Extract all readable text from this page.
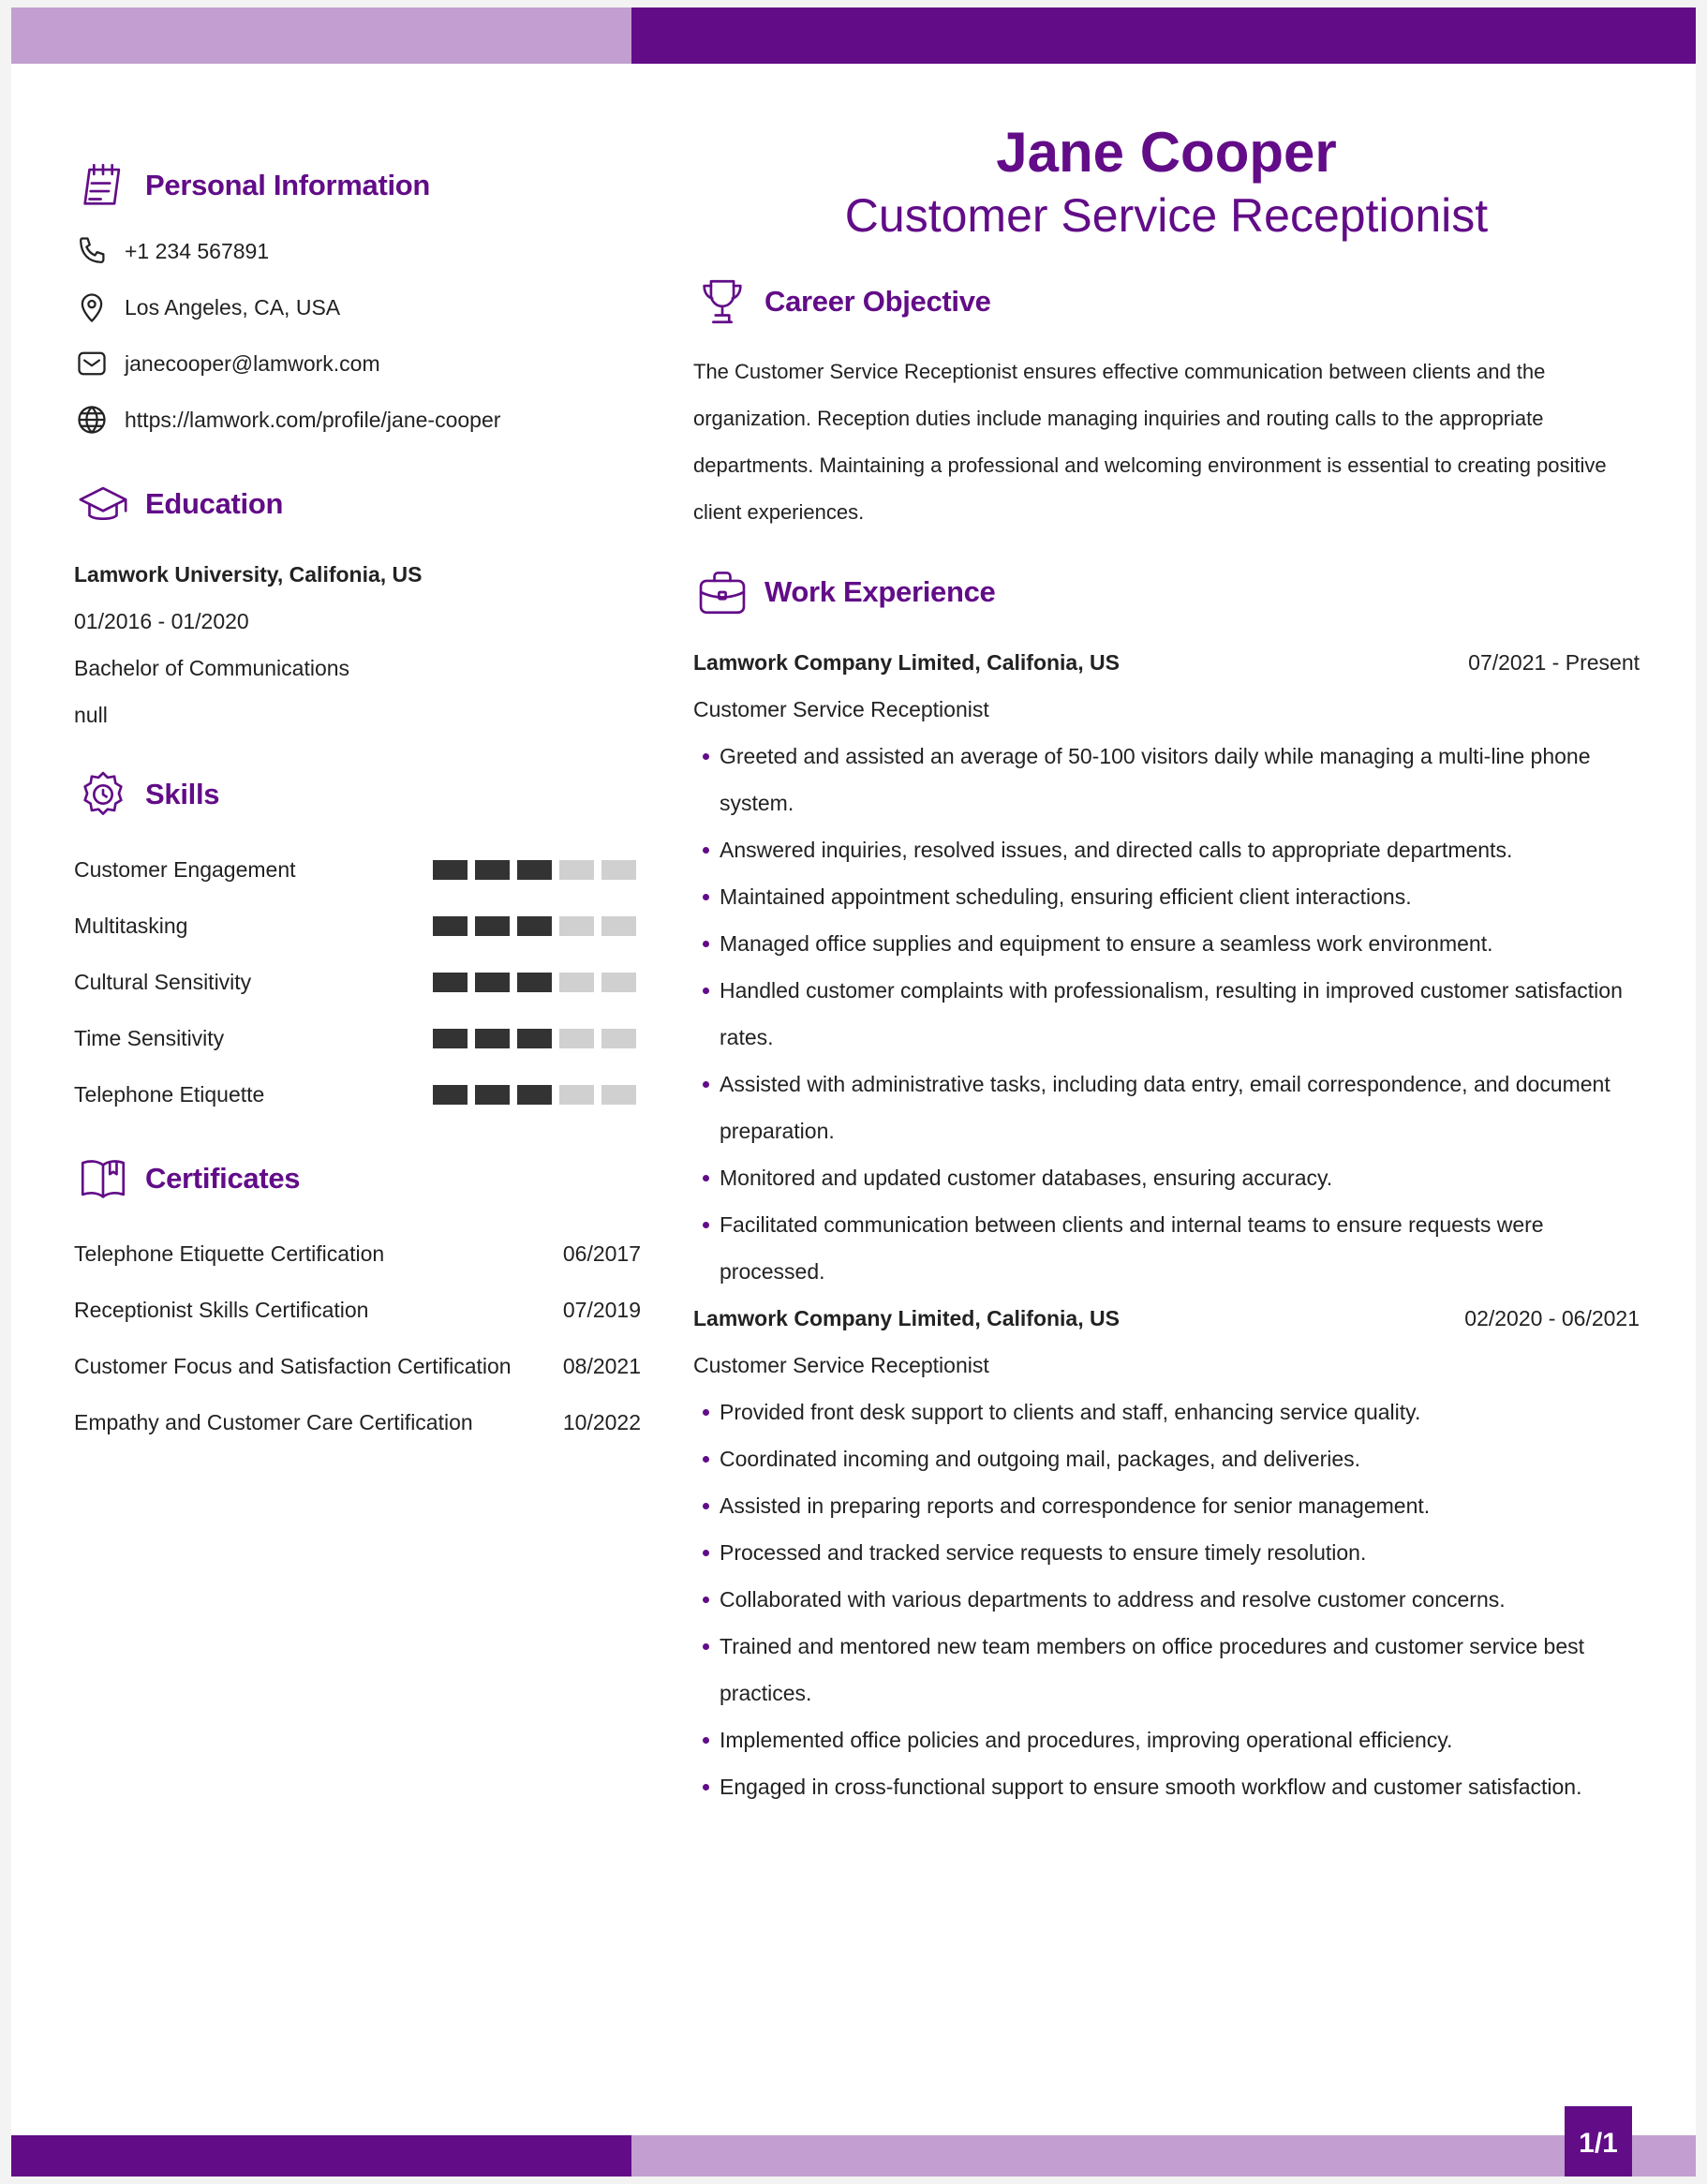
Personal Information
+1 234 567891
Los Angeles, CA, USA
janecooper@lamwork.com
https://lamwork.com/profile/jane-cooper
Education
Lamwork University, Califonia, US
01/2016 - 01/2020
Bachelor of Communications
null
Skills
Customer Engagement
Multitasking
Cultural Sensitivity
Time Sensitivity
Telephone Etiquette
Certificates
Telephone Etiquette Certification	06/2017
Receptionist Skills Certification	07/2019
Customer Focus and Satisfaction Certification 08/2021
Empathy and Customer Care Certification	10/2022
Jane Cooper
Customer Service Receptionist
Career Objective

The Customer Service Receptionist ensures effective communication between clients and the organization. Reception duties include managing inquiries and routing calls to the appropriate departments. Maintaining a professional and welcoming environment is essential to creating positive client experiences.

Work Experience
Lamwork Company Limited, Califonia, US	07/2021 - Present
Customer Service Receptionist
Greeted and assisted an average of 50-100 visitors daily while managing a multi-line phone system.
Answered inquiries, resolved issues, and directed calls to appropriate departments.
Maintained appointment scheduling, ensuring efficient client interactions.
Managed office supplies and equipment to ensure a seamless work environment.
Handled customer complaints with professionalism, resulting in improved customer satisfaction rates.
Assisted with administrative tasks, including data entry, email correspondence, and document preparation.
Monitored and updated customer databases, ensuring accuracy.
Facilitated communication between clients and internal teams to ensure requests were processed.
Lamwork Company Limited, Califonia, US	02/2020 - 06/2021
Customer Service Receptionist
Provided front desk support to clients and staff, enhancing service quality.
Coordinated incoming and outgoing mail, packages, and deliveries.
Assisted in preparing reports and correspondence for senior management.
Processed and tracked service requests to ensure timely resolution.
Collaborated with various departments to address and resolve customer concerns.
Trained and mentored new team members on office procedures and customer service best practices.
Implemented office policies and procedures, improving operational efficiency.
Engaged in cross-functional support to ensure smooth workflow and customer satisfaction.
1/1
